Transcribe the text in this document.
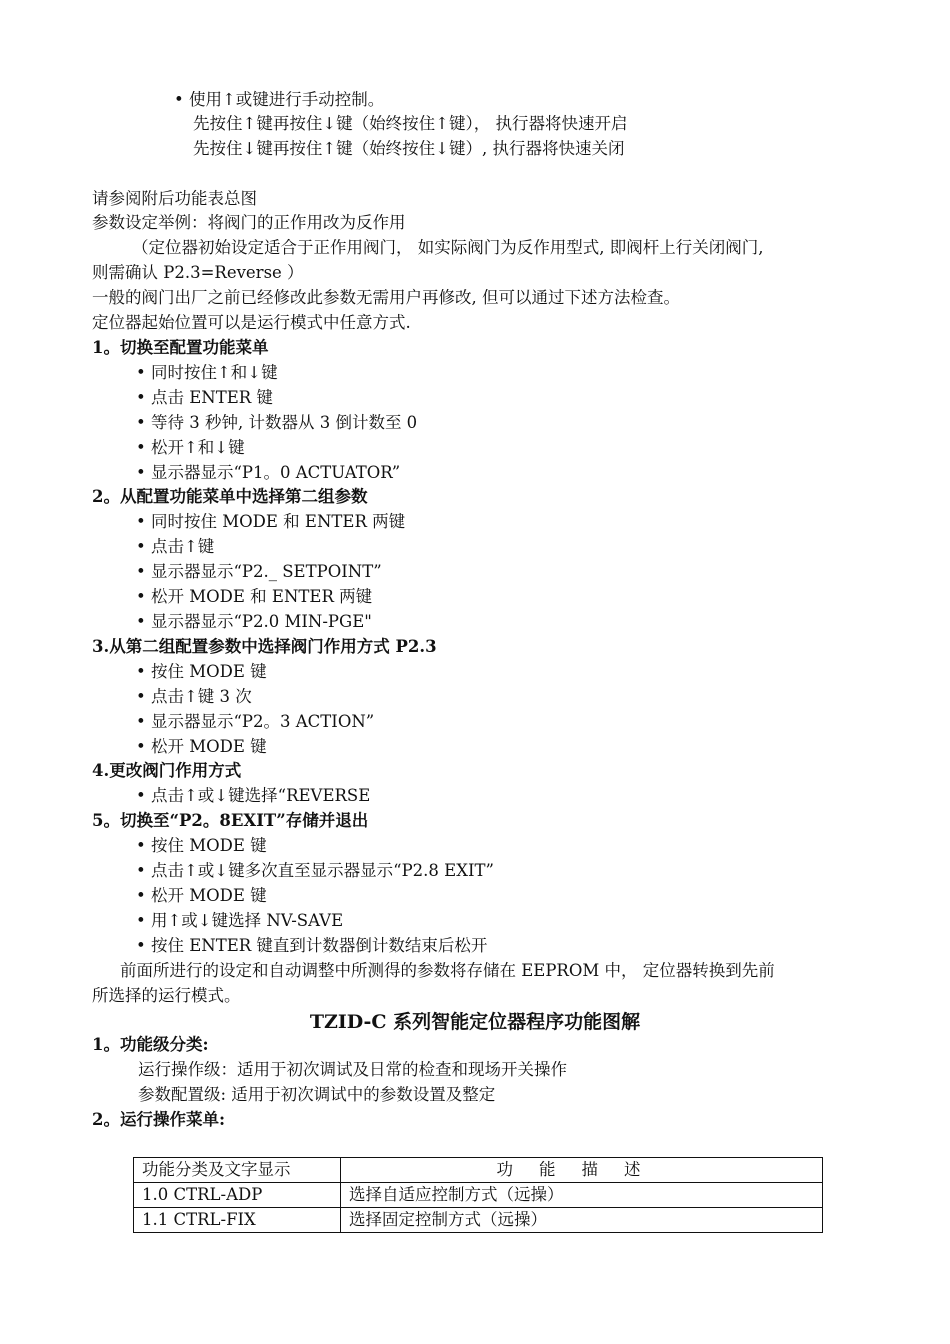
• 使用↑或键进行手动控制。
先按住↑键再按住↓键（始终按住↑键）， 执行器将快速开启
先按住↓键再按住↑键（始终按住↓键）, 执行器将快速关闭
请参阅附后功能表总图
参数设定举例：将阀门的正作用改为反作用
（定位器初始设定适合于正作用阀门， 如实际阀门为反作用型式, 即阀杆上行关闭阀门,
则需确认 P2.3=Reverse ）
一般的阀门出厂之前已经修改此参数无需用户再修改, 但可以通过下述方法检查。
定位器起始位置可以是运行模式中任意方式.
1。切换至配置功能菜单
• 同时按住↑和↓键
• 点击 ENTER 键
• 等待 3 秒钟, 计数器从 3 倒计数至 0
• 松开↑和↓键
• 显示器显示“P1。0 ACTUATOR”
2。从配置功能菜单中选择第二组参数
• 同时按住 MODE 和 ENTER 两键
• 点击↑键
• 显示器显示“P2._ SETPOINT”
• 松开 MODE 和 ENTER 两键
• 显示器显示“P2.0 MIN-PGE"
3.从第二组配置参数中选择阀门作用方式 P2.3
• 按住 MODE 键
• 点击↑键 3 次
• 显示器显示“P2。3 ACTION”
• 松开 MODE 键
4.更改阀门作用方式
• 点击↑或↓键选择“REVERSE
5。切换至“P2。8EXIT”存储并退出
• 按住 MODE 键
• 点击↑或↓键多次直至显示器显示“P2.8 EXIT”
• 松开 MODE 键
• 用↑或↓键选择 NV-SAVE
• 按住 ENTER 键直到计数器倒计数结束后松开
前面所进行的设定和自动调整中所测得的参数将存储在 EEPROM 中， 定位器转换到先前
所选择的运行模式。
1。功能级分类:
运行操作级：适用于初次调试及日常的检查和现场开关操作
参数配置级: 适用于初次调试中的参数设置及整定
2。运行操作菜单:
TZID-C 系列智能定位器程序功能图解
功能分类及文字显示	功能描述
1.0 CTRL-ADP	选择自适应控制方式（远操）
1.1 CTRL-FIX	选择固定控制方式（远操）
